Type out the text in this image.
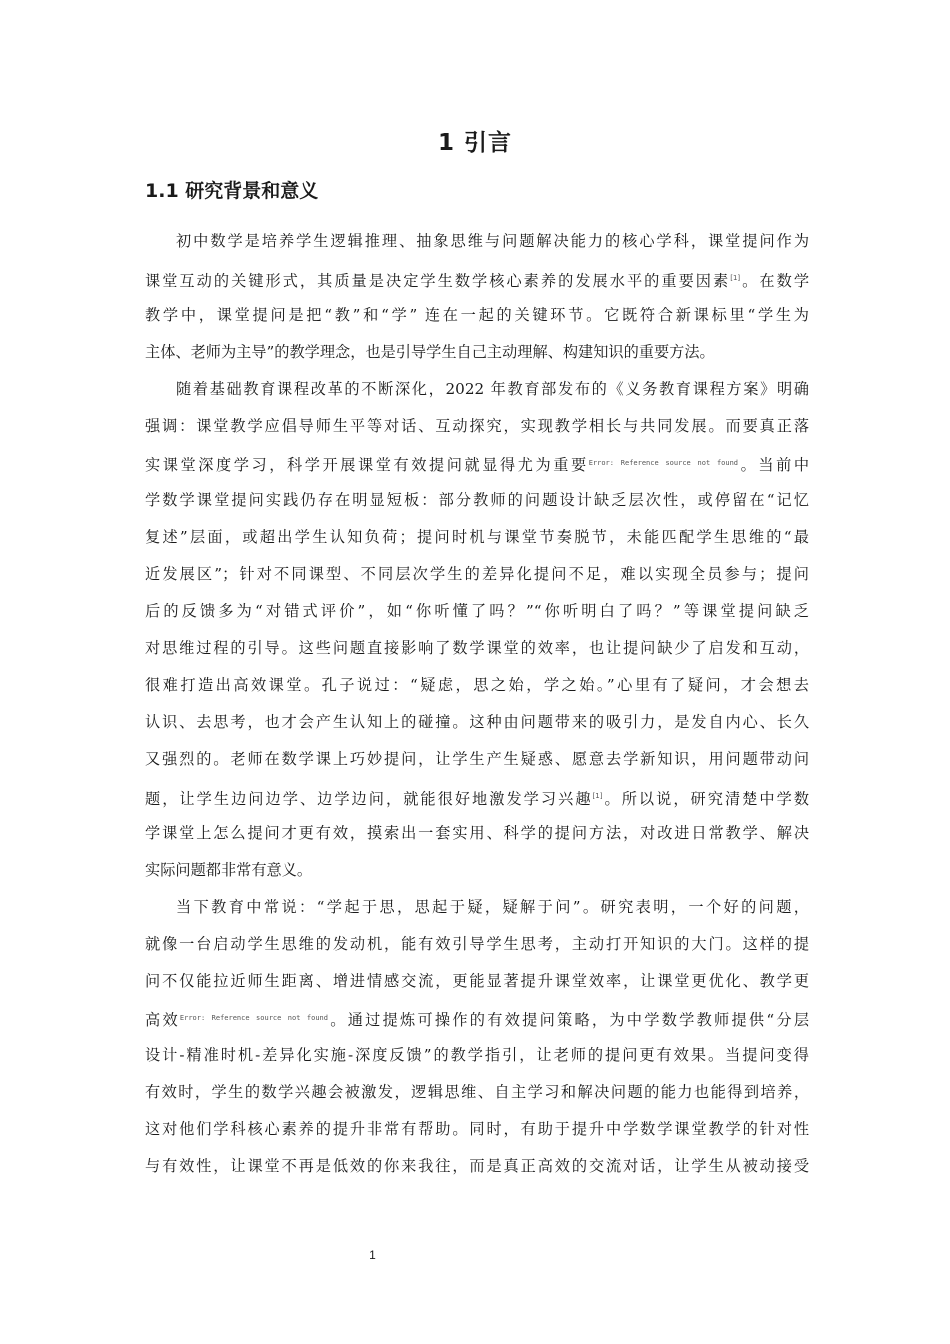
1 引言
1.1 研究背景和意义
初中数学是培养学生逻辑推理、抽象思维与问题解决能力的核心学科，课堂提问作为
课堂互动的关键形式，其质量是决定学生数学核心素养的发展水平的重要因素[1]。在数学
教学中，课堂提问是把“教”和“学” 连在一起的关键环节。它既符合新课标里“学生为
主体、老师为主导”的教学理念，也是引导学生自己主动理解、构建知识的重要方法。
随着基础教育课程改革的不断深化，2022 年教育部发布的《义务教育课程方案》明确
强调：课堂教学应倡导师生平等对话、互动探究，实现教学相长与共同发展。而要真正落
实课堂深度学习，科学开展课堂有效提问就显得尤为重要$^{Error: Reference source not found}$。当前中
学数学课堂提问实践仍存在明显短板：部分教师的问题设计缺乏层次性，或停留在“记忆
复述”层面，或超出学生认知负荷；提问时机与课堂节奏脱节，未能匹配学生思维的“最
近发展区”；针对不同课型、不同层次学生的差异化提问不足，难以实现全员参与；提问
后的反馈多为“对错式评价”，如“你听懂了吗？”“你听明白了吗？”等课堂提问缺乏
对思维过程的引导。这些问题直接影响了数学课堂的效率，也让提问缺少了启发和互动，
很难打造出高效课堂。孔子说过：“疑虑，思之始，学之始。”心里有了疑问，才会想去
认识、去思考，也才会产生认知上的碰撞。这种由问题带来的吸引力，是发自内心、长久
又强烈的。老师在数学课上巧妙提问，让学生产生疑惑、愿意去学新知识，用问题带动问
题，让学生边问边学、边学边问，就能很好地激发学习兴趣[1]。所以说，研究清楚中学数
学课堂上怎么提问才更有效，摸索出一套实用、科学的提问方法，对改进日常教学、解决
实际问题都非常有意义。
当下教育中常说：“学起于思，思起于疑，疑解于问”。研究表明，一个好的问题，
就像一台启动学生思维的发动机，能有效引导学生思考，主动打开知识的大门。这样的提
问不仅能拉近师生距离、增进情感交流，更能显著提升课堂效率，让课堂更优化、教学更
高效$^{Error: Reference source not found}$。通过提炼可操作的有效提问策略，为中学数学教师提供“分层
设计-精准时机-差异化实施-深度反馈”的教学指引，让老师的提问更有效果。当提问变得
有效时，学生的数学兴趣会被激发，逻辑思维、自主学习和解决问题的能力也能得到培养，
这对他们学科核心素养的提升非常有帮助。同时，有助于提升中学数学课堂教学的针对性
与有效性，让课堂不再是低效的你来我往，而是真正高效的交流对话，让学生从被动接受
1
